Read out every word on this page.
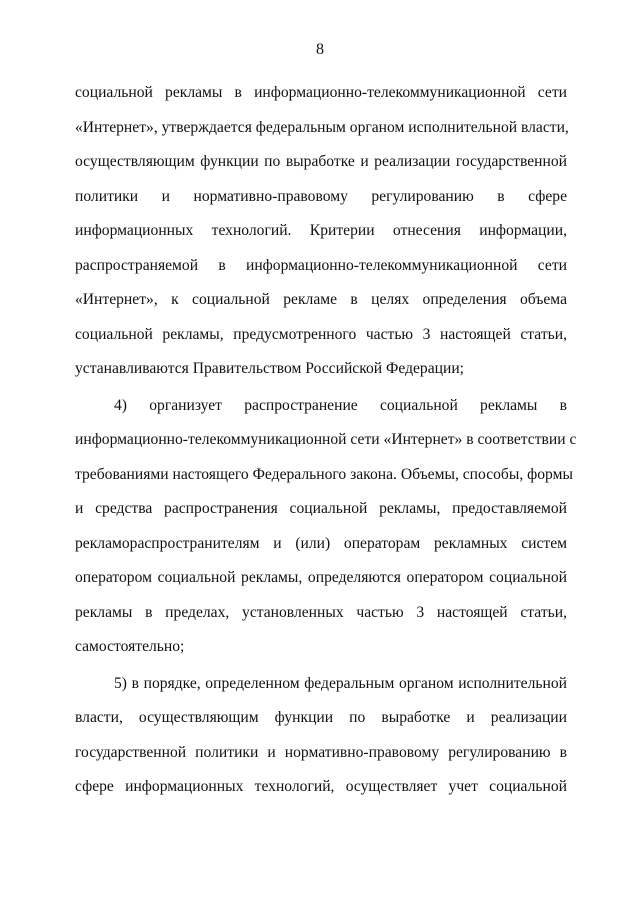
8
социальной рекламы в информационно-телекоммуникационной сети
«Интернет», утверждается федеральным органом исполнительной власти,
осуществляющим функции по выработке и реализации государственной
политики и нормативно-правовому регулированию в сфере
информационных технологий. Критерии отнесения информации,
распространяемой в информационно-телекоммуникационной сети
«Интернет», к социальной рекламе в целях определения объема
социальной рекламы, предусмотренного частью 3 настоящей статьи,
устанавливаются Правительством Российской Федерации;
4) организует распространение социальной рекламы в
информационно-телекоммуникационной сети «Интернет» в соответствии с
требованиями настоящего Федерального закона. Объемы, способы, формы
и средства распространения социальной рекламы, предоставляемой
рекламораспространителям и (или) операторам рекламных систем
оператором социальной рекламы, определяются оператором социальной
рекламы в пределах, установленных частью 3 настоящей статьи,
самостоятельно;
5) в порядке, определенном федеральным органом исполнительной
власти, осуществляющим функции по выработке и реализации
государственной политики и нормативно-правовому регулированию в
сфере информационных технологий, осуществляет учет социальной
